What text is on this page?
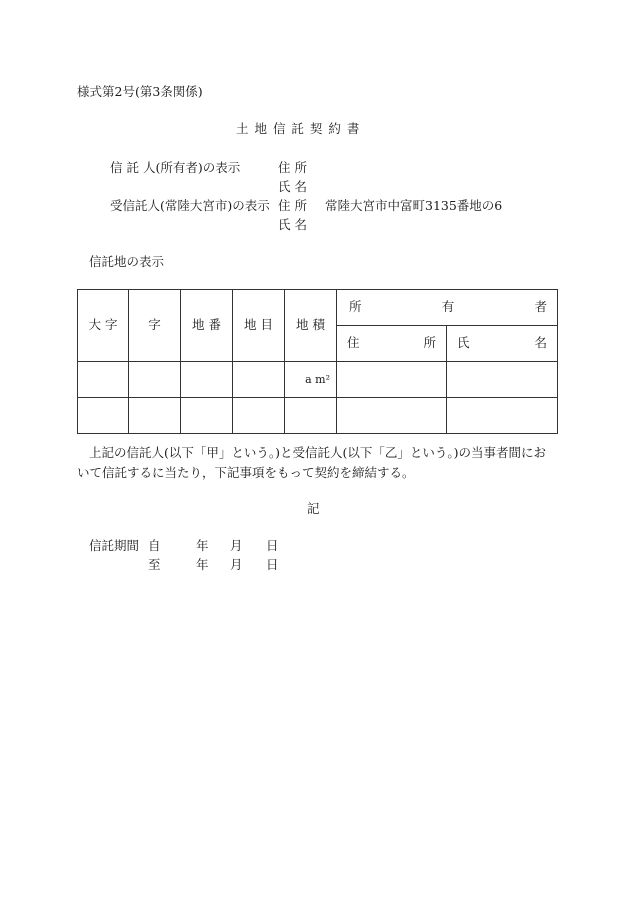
様式第2号(第3条関係)
土 地 信 託 契 約 書
信 託 人(所有者)の表示	住 所
氏 名
受信託人(常陸大宮市)の表示 住 所 常陸大宮市中富町3135番地の6
氏 名
信託地の表示
大 字	字	地 番	地 目	地 積	所 有 者	

					住 所	氏 名

				a m²		

上記の信託人(以下「甲」という。)と受信託人(以下「乙」という。)の当事者間において信託するに当たり，下記事項をもって契約を締結する。
記
信託期間 自	年 月 日
至	年 月 日
